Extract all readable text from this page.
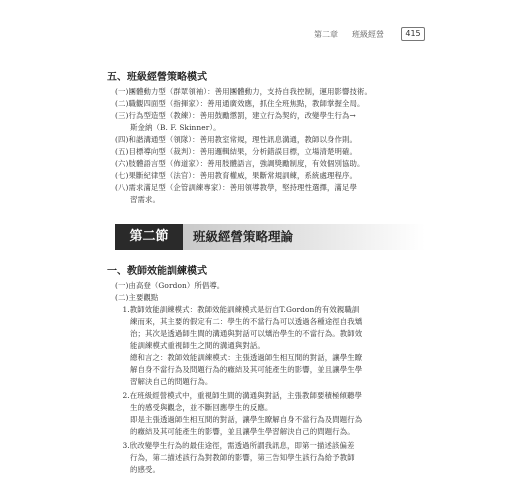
第二章 班級經營	415
五、班級經營策略模式
(一)團體動力型（群眾領袖）：善用團體動力，支持自我控制，運用影響技術。
(二)職觀四面型（指揮家）：善用通廣效應，抓住全班焦點，教師掌握全局。
(三)行為型造型（教練）：善用鼓勵懲罰，建立行為契約，改變學生行為→
　　斯金納（B. F. Skinner）。
(四)和諧溝通型（領隊）：善用教室常規，理性訊息溝通，教師以身作則。
(五)目標導向型（裁判）：善用邏輯結果，分析錯誤目標，立場清楚明確。
(六)肢體語言型（佈道家）：善用肢體語言，強調獎勵制度，有效個別協助。
(七)果斷紀律型（法官）：善用教育權威，果斷常規訓練，系統處理程序。
(八)需求滿足型（企管訓練專家）：善用領導教學，堅持理性選擇，滿足學
　　習需求。
第二節	班級經營策略理論
一、教師效能訓練模式
(一)由高登（Gordon）所倡導。
(二)主要觀點
　1.教師效能訓練模式：教師效能訓練模式是衍自T.Gordon的有效親職訓
　　練而來，其主要的假定有二：學生的不當行為可以透過各種途徑自我矯
　　治；其次是透過師生間的溝通與對話可以矯治學生的不當行為。教師效
　　能訓練模式重視師生之間的溝通與對話。
　　總和言之：教師效能訓練模式：主張透過師生相互間的對話，讓學生瞭
　　解自身不當行為及問題行為的癥結及其可能產生的影響，並且讓學生學
　　習解決自己的問題行為。
　2.在班級經營模式中，重視師生間的溝通與對話，主張教師要積極傾聽學
　　生的感受與觀念，並不斷回應學生的反應。
　　即是主張透過師生相互間的對話，讓學生瞭解自身不當行為及問題行為
　　的癥結及其可能產生的影響，並且讓學生學習解決自己的問題行為。
　3.欣改變學生行為的最佳途徑，需透過所謂我訊息，即第一描述該偏差
　　行為，第二描述該行為對教師的影響，第三告知學生該行為給予教師
　　的感受。
